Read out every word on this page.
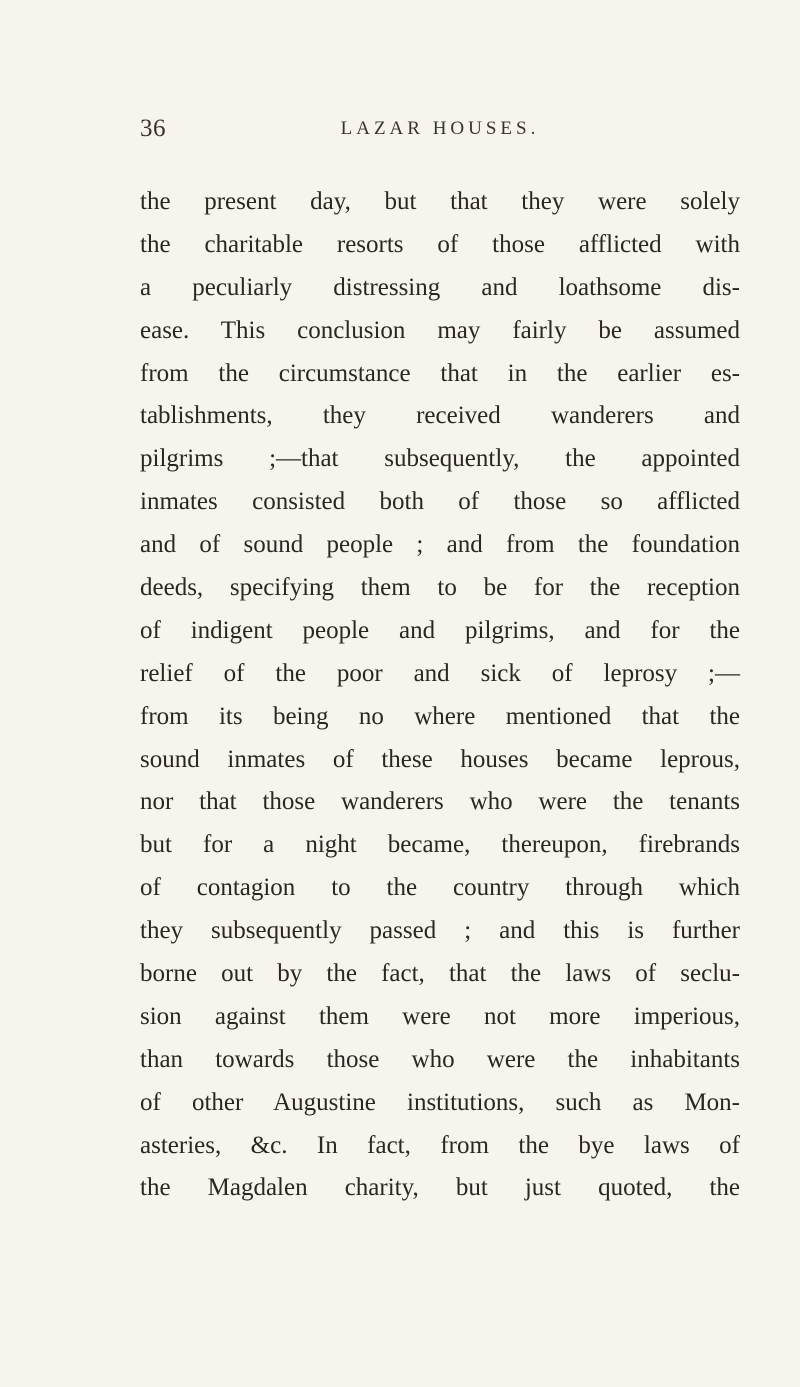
36	LAZAR HOUSES.
the present day, but that they were solely
the charitable resorts of those afflicted with
a peculiarly distressing and loathsome dis-
ease. This conclusion may fairly be assumed
from the circumstance that in the earlier es-
tablishments, they received wanderers and
pilgrims ;—that subsequently, the appointed
inmates consisted both of those so afflicted
and of sound people ; and from the foundation
deeds, specifying them to be for the reception
of indigent people and pilgrims, and for the
relief of the poor and sick of leprosy ;—
from its being no where mentioned that the
sound inmates of these houses became leprous,
nor that those wanderers who were the tenants
but for a night became, thereupon, firebrands
of contagion to the country through which
they subsequently passed ; and this is further
borne out by the fact, that the laws of seclu-
sion against them were not more imperious,
than towards those who were the inhabitants
of other Augustine institutions, such as Mon-
asteries, &c. In fact, from the bye laws of
the Magdalen charity, but just quoted, the
